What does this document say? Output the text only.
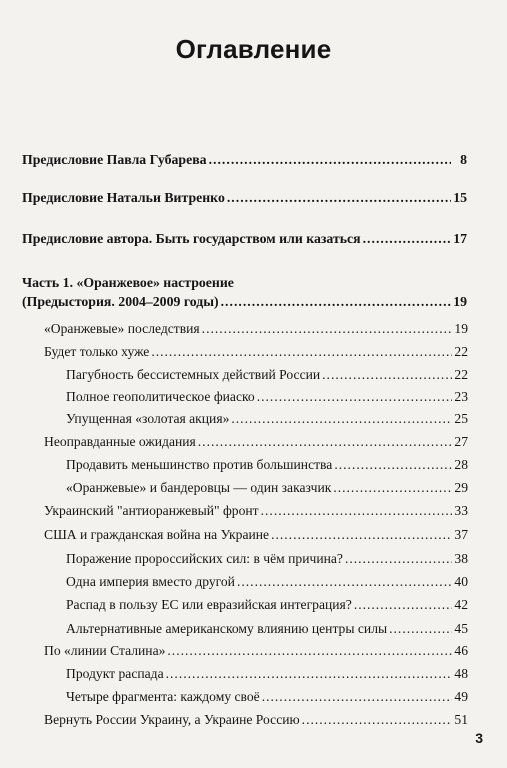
Оглавление
Предисловие Павла Губарева .....	8
Предисловие Натальи Витренко .....	15
Предисловие автора. Быть государством или казаться .....	17
Часть 1. «Оранжевое» настроение
(Предыстория. 2004–2009 годы) .....	19
«Оранжевые» последствия .....	19
Будет только хуже .....	22
Пагубность бессистемных действий России .....	22
Полное геополитическое фиаско .....	23
Упущенная «золотая акция» .....	25
Неоправданные ожидания .....	27
Продавить меньшинство против большинства .....	28
«Оранжевые» и бандеровцы — один заказчик .....	29
Украинский "антиоранжевый" фронт .....	33
США и гражданская война на Украине .....	37
Поражение пророссийских сил: в чём причина? .....	38
Одна империя вместо другой .....	40
Распад в пользу ЕС или евразийская интеграция? .....	42
Альтернативные американскому влиянию центры силы .....	45
По «линии Сталина» .....	46
Продукт распада .....	48
Четыре фрагмента: каждому своё .....	49
Вернуть России Украину, а Украине Россию .....	51
3
